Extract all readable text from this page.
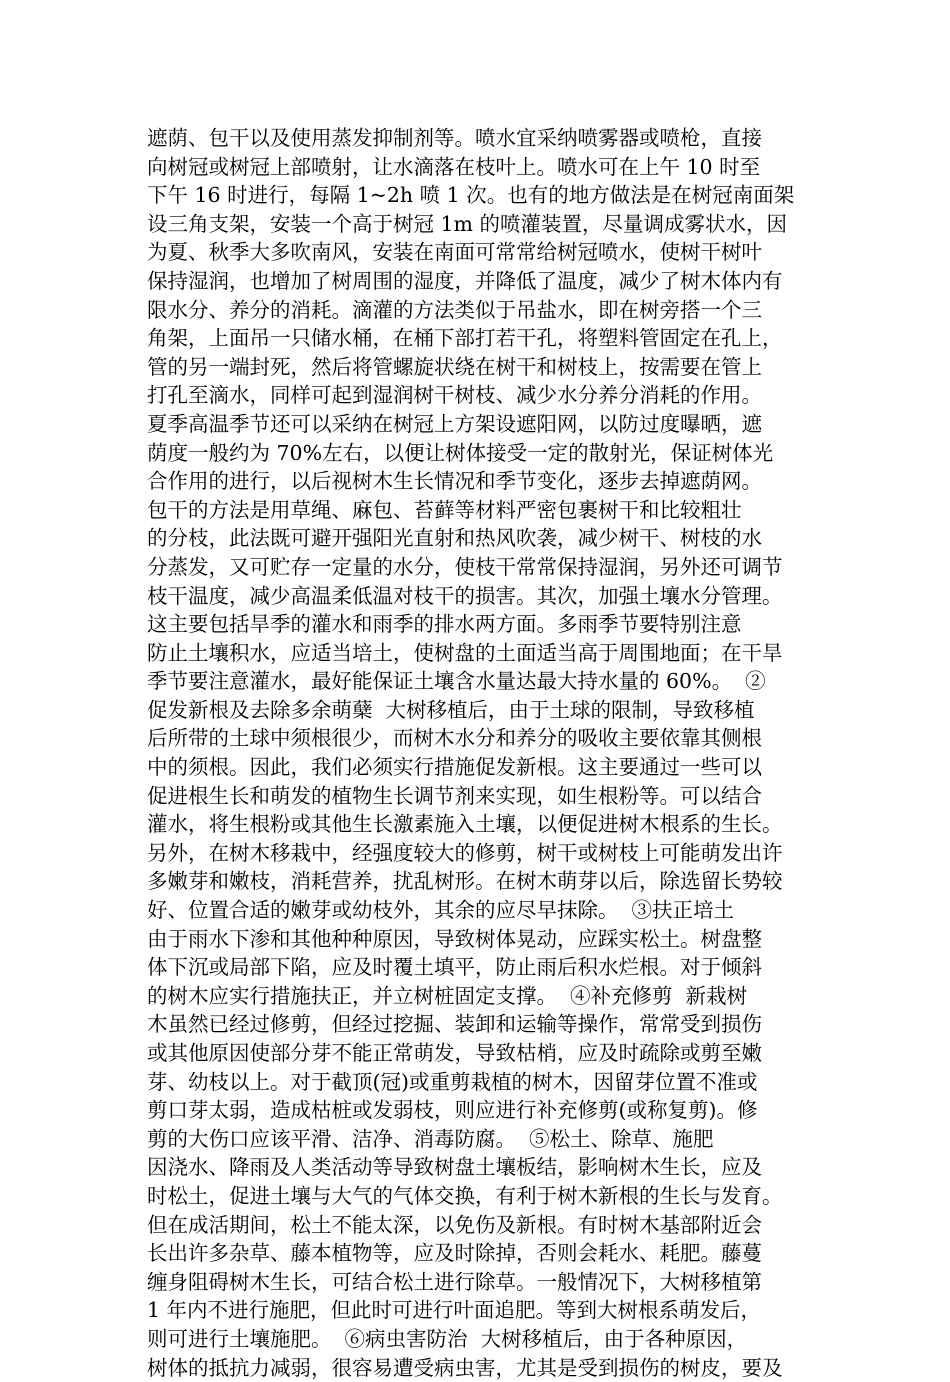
遮荫、包干以及使用蒸发抑制剂等。喷水宜采纳喷雾器或喷枪，直接
向树冠或树冠上部喷射，让水滴落在枝叶上。喷水可在上午 10 时至
下午 16 时进行，每隔 1~2h 喷 1 次。也有的地方做法是在树冠南面架
设三角支架，安装一个高于树冠 1m 的喷灌装置，尽量调成雾状水，因
为夏、秋季大多吹南风，安装在南面可常常给树冠喷水，使树干树叶
保持湿润，也增加了树周围的湿度，并降低了温度，减少了树木体内有
限水分、养分的消耗。滴灌的方法类似于吊盐水，即在树旁搭一个三
角架，上面吊一只储水桶，在桶下部打若干孔，将塑料管固定在孔上，
管的另一端封死，然后将管螺旋状绕在树干和树枝上，按需要在管上
打孔至滴水，同样可起到湿润树干树枝、减少水分养分消耗的作用。
夏季高温季节还可以采纳在树冠上方架设遮阳网，以防过度曝晒，遮
荫度一般约为 70%左右，以便让树体接受一定的散射光，保证树体光
合作用的进行，以后视树木生长情况和季节变化，逐步去掉遮荫网。
包干的方法是用草绳、麻包、苔藓等材料严密包裹树干和比较粗壮
的分枝，此法既可避开强阳光直射和热风吹袭，减少树干、树枝的水
分蒸发，又可贮存一定量的水分，使枝干常常保持湿润，另外还可调节
枝干温度，减少高温柔低温对枝干的损害。其次，加强土壤水分管理。
这主要包括旱季的灌水和雨季的排水两方面。多雨季节要特别注意
防止土壤积水，应适当培土，使树盘的土面适当高于周围地面；在干旱
季节要注意灌水，最好能保证土壤含水量达最大持水量的 60%。  ②
促发新根及去除多余萌蘖  大树移植后，由于土球的限制，导致移植
后所带的土球中须根很少，而树木水分和养分的吸收主要依靠其侧根
中的须根。因此，我们必须实行措施促发新根。这主要通过一些可以
促进根生长和萌发的植物生长调节剂来实现，如生根粉等。可以结合
灌水，将生根粉或其他生长激素施入土壤，以便促进树木根系的生长。
另外，在树木移栽中，经强度较大的修剪，树干或树枝上可能萌发出许
多嫩芽和嫩枝，消耗营养，扰乱树形。在树木萌芽以后，除选留长势较
好、位置合适的嫩芽或幼枝外，其余的应尽早抹除。  ③扶正培土
由于雨水下渗和其他种种原因，导致树体晃动，应踩实松土。树盘整
体下沉或局部下陷，应及时覆土填平，防止雨后积水烂根。对于倾斜
的树木应实行措施扶正，并立树桩固定支撑。  ④补充修剪  新栽树
木虽然已经过修剪，但经过挖掘、装卸和运输等操作，常常受到损伤
或其他原因使部分芽不能正常萌发，导致枯梢，应及时疏除或剪至嫩
芽、幼枝以上。对于截顶(冠)或重剪栽植的树木，因留芽位置不准或
剪口芽太弱，造成枯桩或发弱枝，则应进行补充修剪(或称复剪)。修
剪的大伤口应该平滑、洁净、消毒防腐。  ⑤松土、除草、施肥
因浇水、降雨及人类活动等导致树盘土壤板结，影响树木生长，应及
时松土，促进土壤与大气的气体交换，有利于树木新根的生长与发育。
但在成活期间，松土不能太深，以免伤及新根。有时树木基部附近会
长出许多杂草、藤本植物等，应及时除掉，否则会耗水、耗肥。藤蔓
缠身阻碍树木生长，可结合松土进行除草。一般情况下，大树移植第
1 年内不进行施肥，但此时可进行叶面追肥。等到大树根系萌发后，
则可进行土壤施肥。  ⑥病虫害防治  大树移植后，由于各种原因，
树体的抵抗力减弱，很容易遭受病虫害，尤其是受到损伤的树皮，要及
